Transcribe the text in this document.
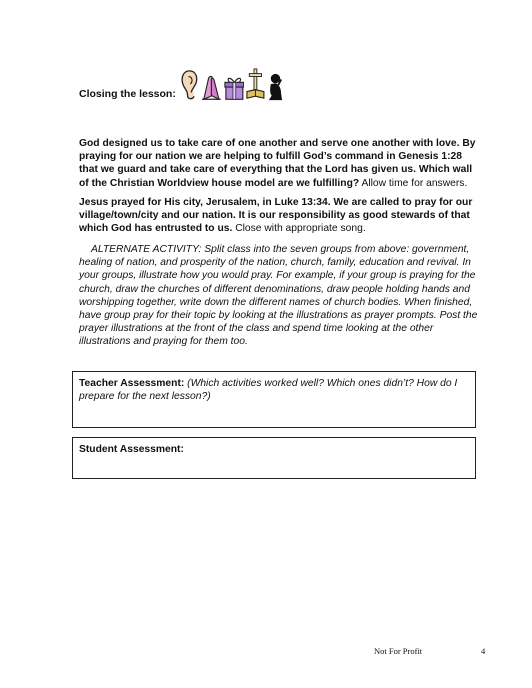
Closing the lesson:
God designed us to take care of one another and serve one another with love. By praying for our nation we are helping to fulfill God’s command in Genesis 1:28 that we guard and take care of everything that the Lord has given us. Which wall of the Christian Worldview house model are we fulfilling? Allow time for answers.
Jesus prayed for His city, Jerusalem, in Luke 13:34. We are called to pray for our village/town/city and our nation. It is our responsibility as good stewards of that which God has entrusted to us. Close with appropriate song.
ALTERNATE ACTIVITY: Split class into the seven groups from above: government, healing of nation, and prosperity of the nation, church, family, education and revival. In your groups, illustrate how you would pray. For example, if your group is praying for the church, draw the churches of different denominations, draw people holding hands and worshipping together, write down the different names of church bodies. When finished, have group pray for their topic by looking at the illustrations as prayer prompts. Post the prayer illustrations at the front of the class and spend time looking at the other illustrations and praying for them too.
Teacher Assessment: (Which activities worked well? Which ones didn’t? How do I prepare for the next lesson?)
Student Assessment:
Not For Profit	4
